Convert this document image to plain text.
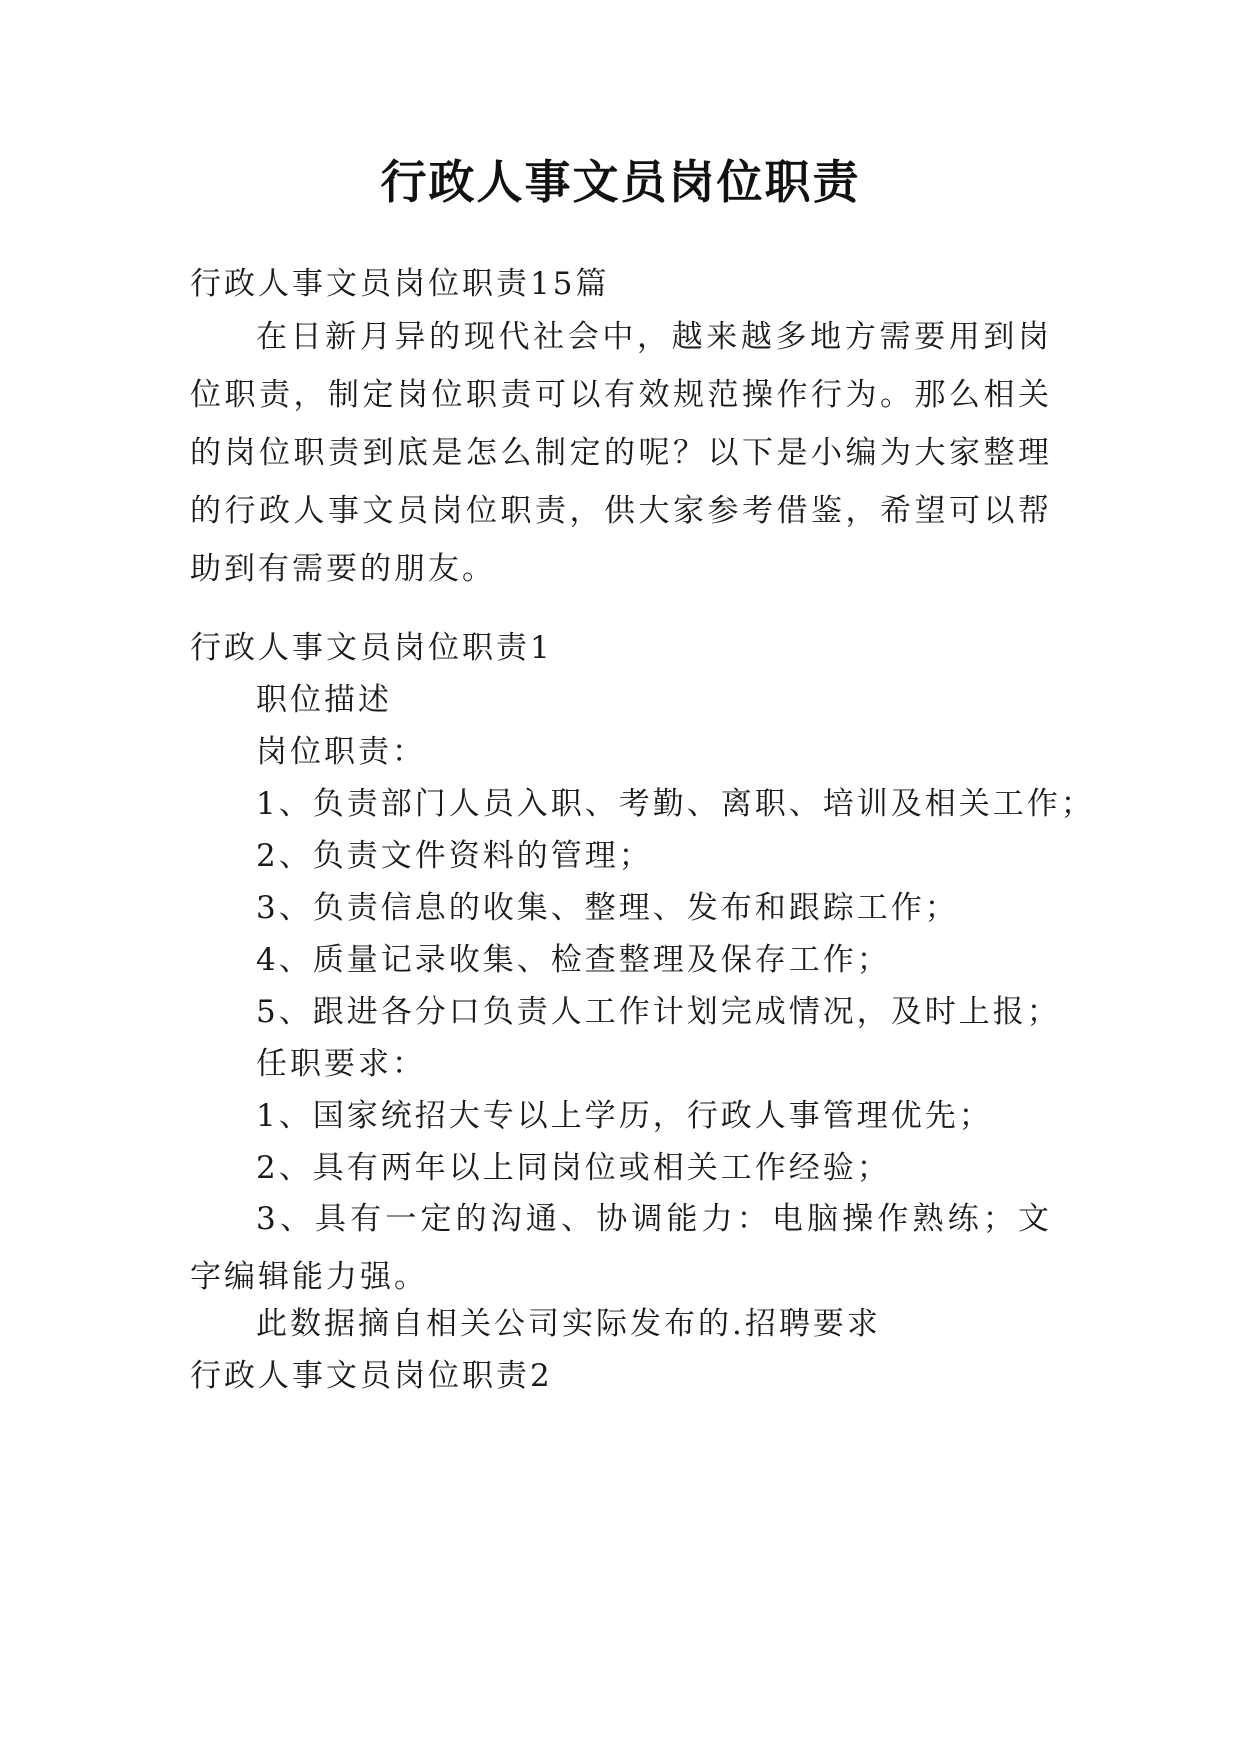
行政人事文员岗位职责
行政人事文员岗位职责15篇
在日新月异的现代社会中，越来越多地方需要用到岗位职责，制定岗位职责可以有效规范操作行为。那么相关的岗位职责到底是怎么制定的呢？以下是小编为大家整理的行政人事文员岗位职责，供大家参考借鉴，希望可以帮助到有需要的朋友。
行政人事文员岗位职责1
职位描述
岗位职责：
1、负责部门人员入职、考勤、离职、培训及相关工作；
2、负责文件资料的管理；
3、负责信息的收集、整理、发布和跟踪工作；
4、质量记录收集、检查整理及保存工作；
5、跟进各分口负责人工作计划完成情况，及时上报；
任职要求：
1、国家统招大专以上学历，行政人事管理优先；
2、具有两年以上同岗位或相关工作经验；
3、具有一定的沟通、协调能力：电脑操作熟练；文字编辑能力强。
此数据摘自相关公司实际发布的.招聘要求
行政人事文员岗位职责2
